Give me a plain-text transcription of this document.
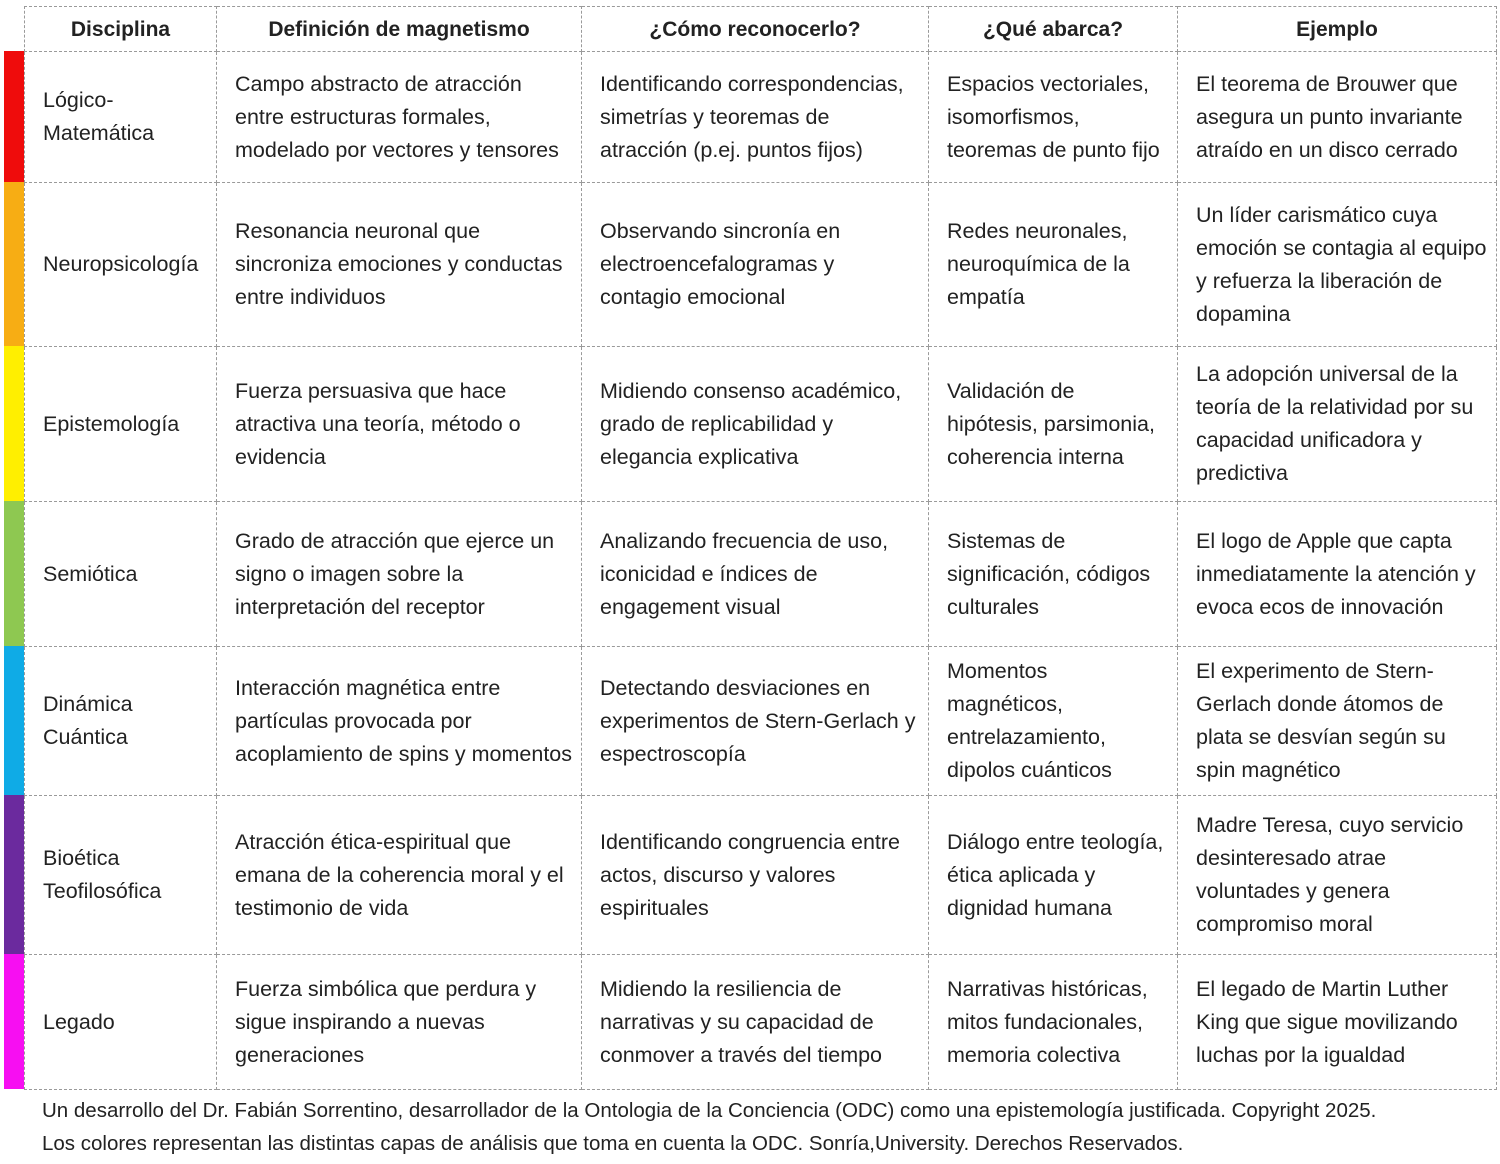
Disciplina	Definición de magnetismo	¿Cómo reconocerlo?	¿Qué abarca?	Ejemplo
Lógico-Matemática	Campo abstracto de atracción entre estructuras formales, modelado por vectores y tensores	Identificando correspondencias, simetrías y teoremas de atracción (p.ej. puntos fijos)	Espacios vectoriales, isomorfismos, teoremas de punto fijo	El teorema de Brouwer que asegura un punto invariante atraído en un disco cerrado
Neuropsicología	Resonancia neuronal que sincroniza emociones y conductas entre individuos	Observando sincronía en electroencefalogramas y contagio emocional	Redes neuronales, neuroquímica de la empatía	Un líder carismático cuya emoción se contagia al equipo y refuerza la liberación de dopamina
Epistemología	Fuerza persuasiva que hace atractiva una teoría, método o evidencia	Midiendo consenso académico, grado de replicabilidad y elegancia explicativa	Validación de hipótesis, parsimonia, coherencia interna	La adopción universal de la teoría de la relatividad por su capacidad unificadora y predictiva
Semiótica	Grado de atracción que ejerce un signo o imagen sobre la interpretación del receptor	Analizando frecuencia de uso, iconicidad e índices de engagement visual	Sistemas de significación, códigos culturales	El logo de Apple que capta inmediatamente la atención y evoca ecos de innovación
Dinámica Cuántica	Interacción magnética entre partículas provocada por acoplamiento de spins y momentos	Detectando desviaciones en experimentos de Stern-Gerlach y espectroscopía	Momentos magnéticos, entrelazamiento, dipolos cuánticos	El experimento de Stern-Gerlach donde átomos de plata se desvían según su spin magnético
Bioética Teofilosófica	Atracción ética-espiritual que emana de la coherencia moral y el testimonio de vida	Identificando congruencia entre actos, discurso y valores espirituales	Diálogo entre teología, ética aplicada y dignidad humana	Madre Teresa, cuyo servicio desinteresado atrae voluntades y genera compromiso moral
Legado	Fuerza simbólica que perdura y sigue inspirando a nuevas generaciones	Midiendo la resiliencia de narrativas y su capacidad de conmover a través del tiempo	Narrativas históricas, mitos fundacionales, memoria colectiva	El legado de Martin Luther King que sigue movilizando luchas por la igualdad

Un desarrollo del Dr. Fabián Sorrentino, desarrollador de la Ontologia de la Conciencia (ODC) como una epistemología justificada. Copyright 2025.

Los colores representan las distintas capas de análisis que toma en cuenta la ODC. Sonría,University. Derechos Reservados.
